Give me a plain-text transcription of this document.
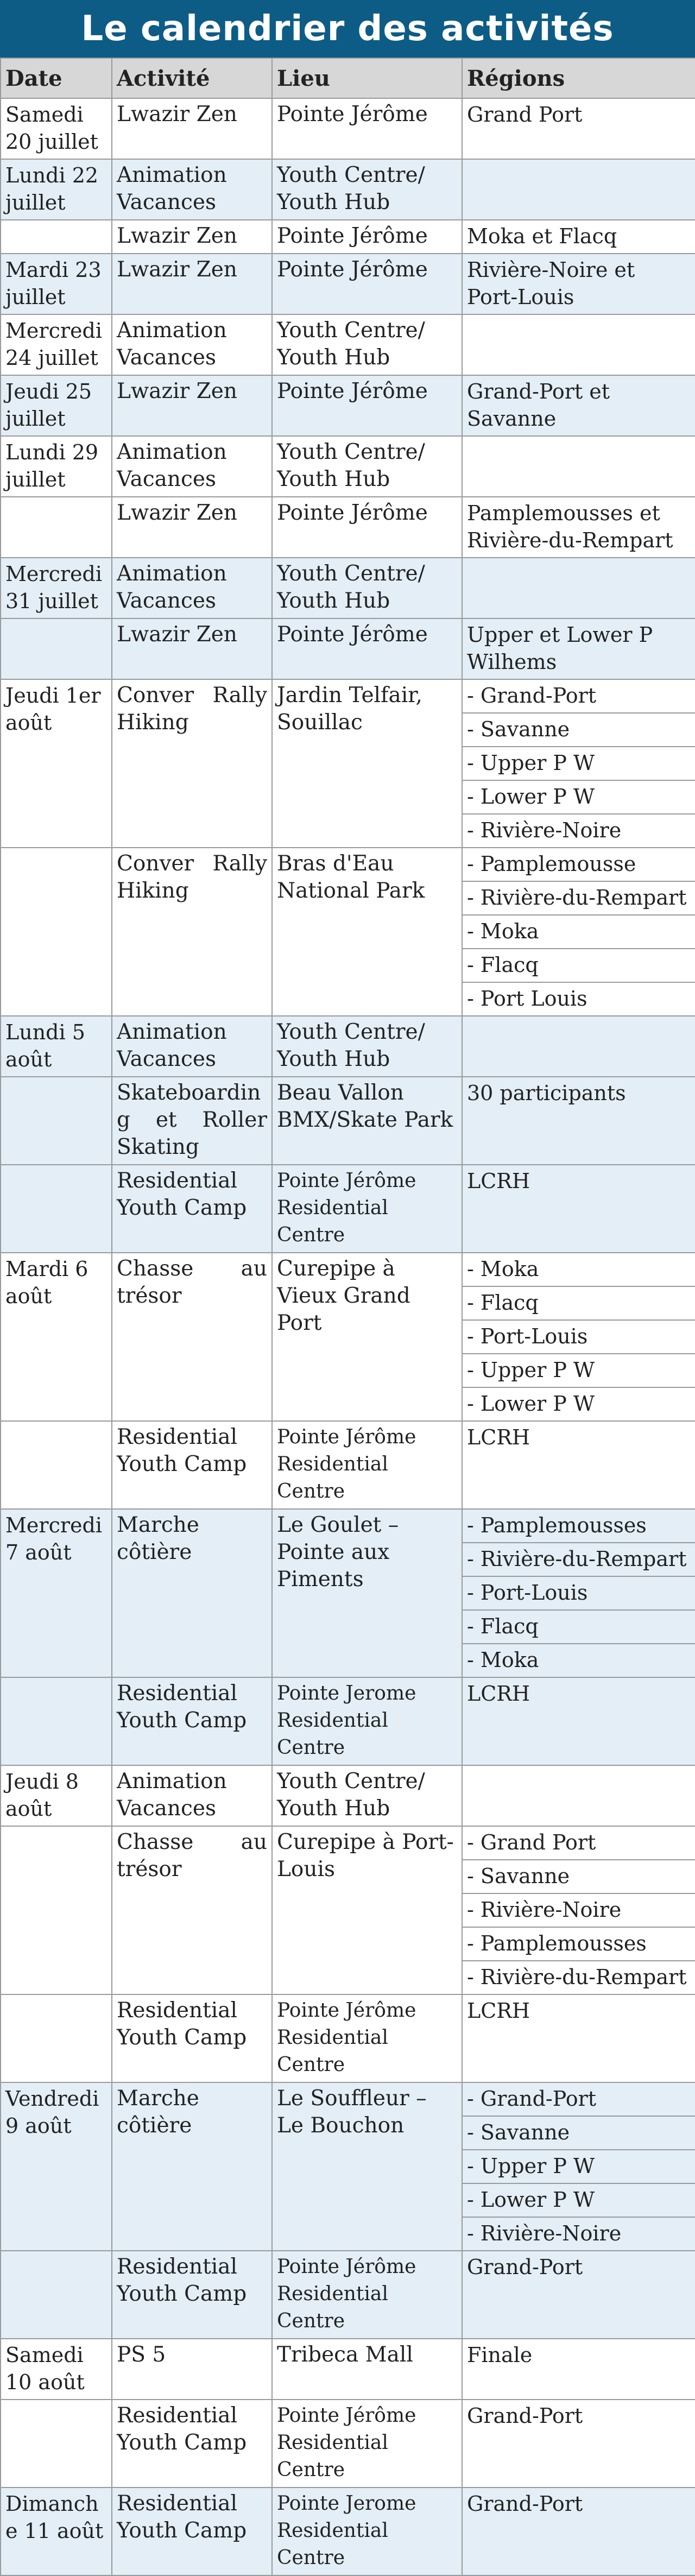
Le calendrier des activités
Date	Activité	Lieu	Régions
Samedi 20 juillet	Lwazir Zen	Pointe Jérôme	Grand Port

Lundi 22 juillet	Animation Vacances	Youth Centre/ Youth Hub	

	Lwazir Zen	Pointe Jérôme	Moka et Flacq

Mardi 23 juillet	Lwazir Zen	Pointe Jérôme	Rivière-Noire et Port-Louis

Mercredi 24 juillet	Animation Vacances	Youth Centre/ Youth Hub	

Jeudi 25 juillet	Lwazir Zen	Pointe Jérôme	Grand-Port et Savanne

Lundi 29 juillet	Animation Vacances	Youth Centre/ Youth Hub	

	Lwazir Zen	Pointe Jérôme	Pamplemousses et Rivière-du-Rempart

Mercredi 31 juillet	Animation Vacances	Youth Centre/ Youth Hub	

	Lwazir Zen	Pointe Jérôme	Upper et Lower P Wilhems

Jeudi 1er août	Conver Rally Hiking	Jardin Telfair, Souillac	- Grand-Port
- Savanne
- Upper P W
- Lower P W
- Rivière-Noire

	Conver Rally Hiking	Bras d'Eau National Park	- Pamplemousse
- Rivière-du-Rempart
- Moka
- Flacq
- Port Louis

Lundi 5 août	Animation Vacances	Youth Centre/ Youth Hub	

	Skateboarding et Roller Skating	Beau Vallon BMX/Skate Park	30 participants

	Residential Youth Camp	Pointe Jérôme Residential Centre	LCRH

Mardi 6 août	Chasse au trésor	Curepipe à Vieux Grand Port	- Moka
- Flacq
- Port-Louis
- Upper P W
- Lower P W

	Residential Youth Camp	Pointe Jérôme Residential Centre	LCRH

Mercredi 7 août	Marche côtière	Le Goulet – Pointe aux Piments	- Pamplemousses
- Rivière-du-Rempart
- Port-Louis
- Flacq
- Moka

	Residential Youth Camp	Pointe Jerome Residential Centre	LCRH

Jeudi 8 août	Animation Vacances	Youth Centre/ Youth Hub	

	Chasse au trésor	Curepipe à Port-Louis	- Grand Port
- Savanne
- Rivière-Noire
- Pamplemousses
- Rivière-du-Rempart

	Residential Youth Camp	Pointe Jérôme Residential Centre	LCRH

Vendredi 9 août	Marche côtière	Le Souffleur – Le Bouchon	- Grand-Port
- Savanne
- Upper P W
- Lower P W
- Rivière-Noire

	Residential Youth Camp	Pointe Jérôme Residential Centre	Grand-Port

Samedi 10 août	PS 5	Tribeca Mall	Finale

	Residential Youth Camp	Pointe Jérôme Residential Centre	Grand-Port

Dimanche 11 août	Residential Youth Camp	Pointe Jerome Residential Centre	Grand-Port
